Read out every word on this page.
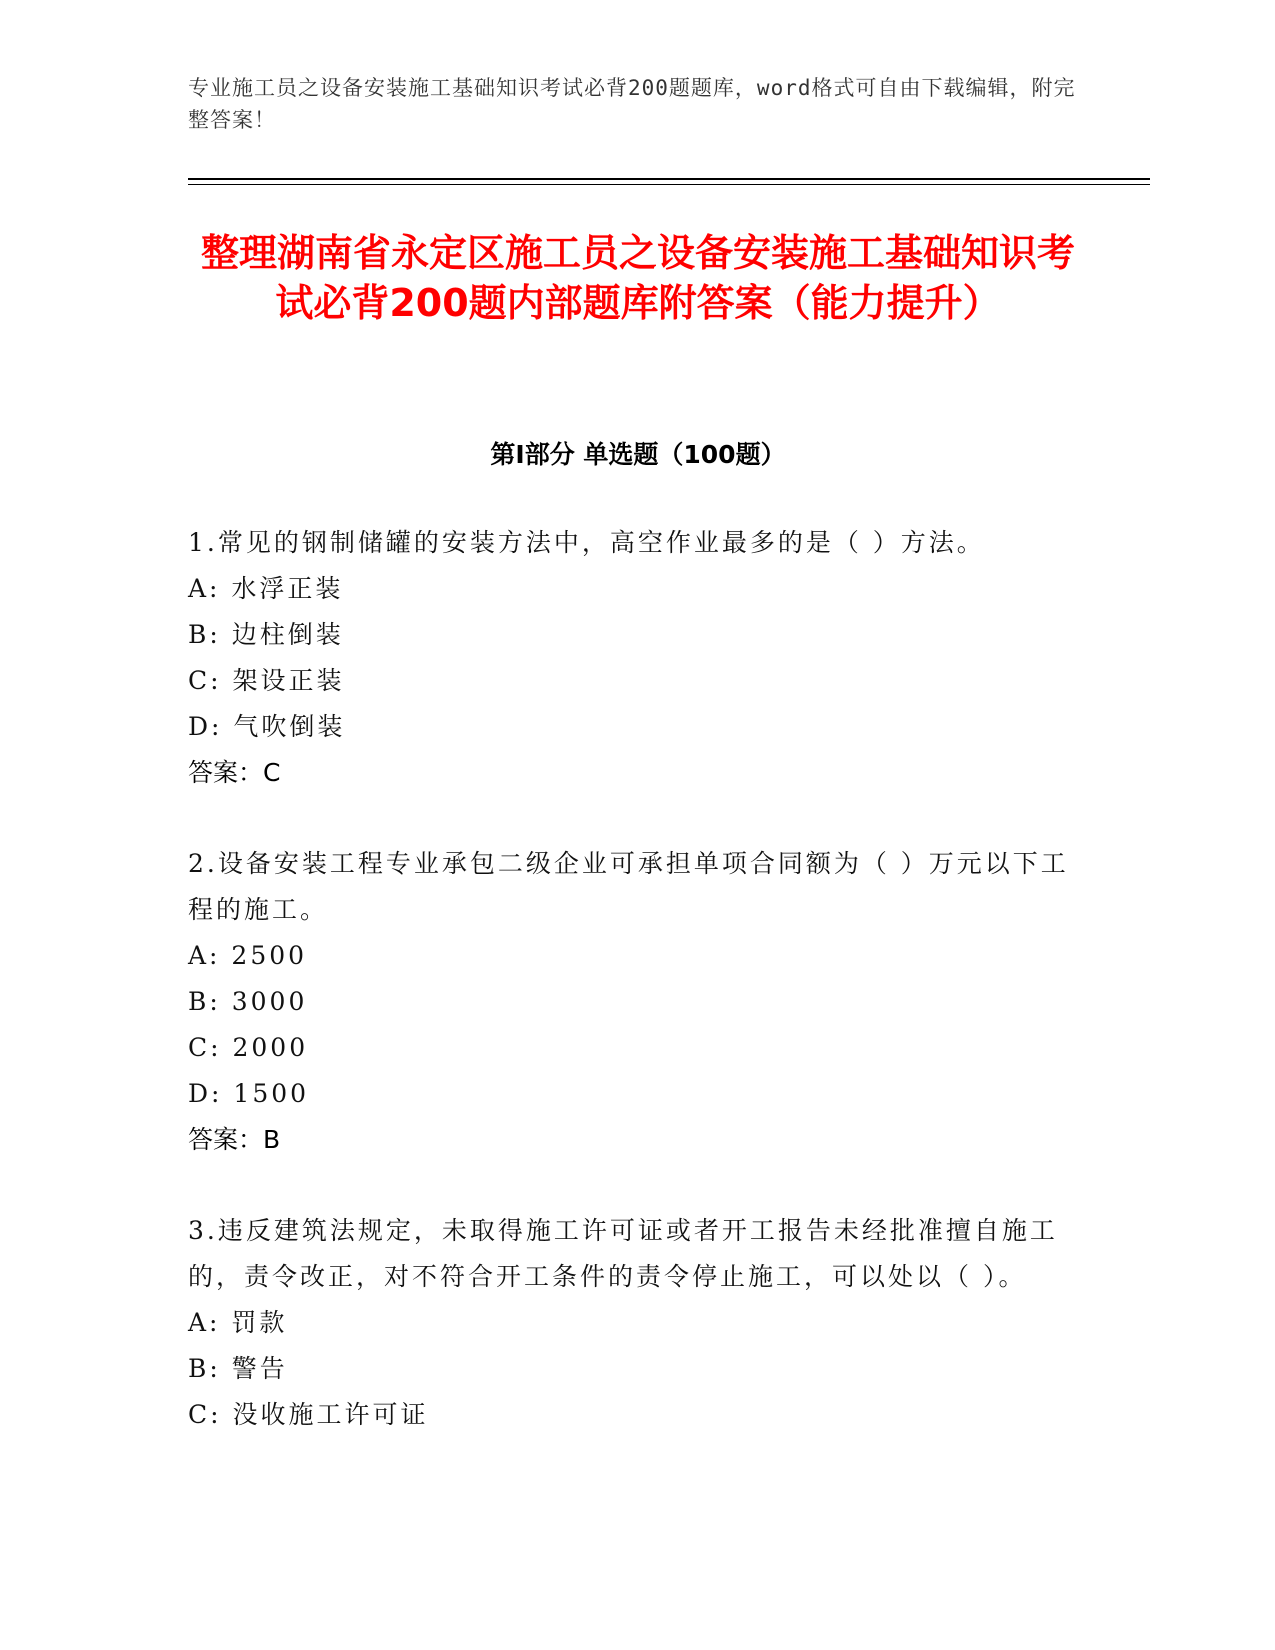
专业施工员之设备安装施工基础知识考试必背200题题库，word格式可自由下载编辑，附完整答案！
整理湖南省永定区施工员之设备安装施工基础知识考试必背200题内部题库附答案（能力提升）
第Ⅰ部分 单选题（100题）
1.常见的钢制储罐的安装方法中，高空作业最多的是（ ）方法。
A: 水浮正装
B: 边柱倒装
C: 架设正装
D: 气吹倒装
答案：C
2.设备安装工程专业承包二级企业可承担单项合同额为（ ）万元以下工程的施工。
A: 2500
B: 3000
C: 2000
D: 1500
答案：B
3.违反建筑法规定，未取得施工许可证或者开工报告未经批准擅自施工的，责令改正，对不符合开工条件的责令停止施工，可以处以（ ）。
A: 罚款
B: 警告
C: 没收施工许可证
